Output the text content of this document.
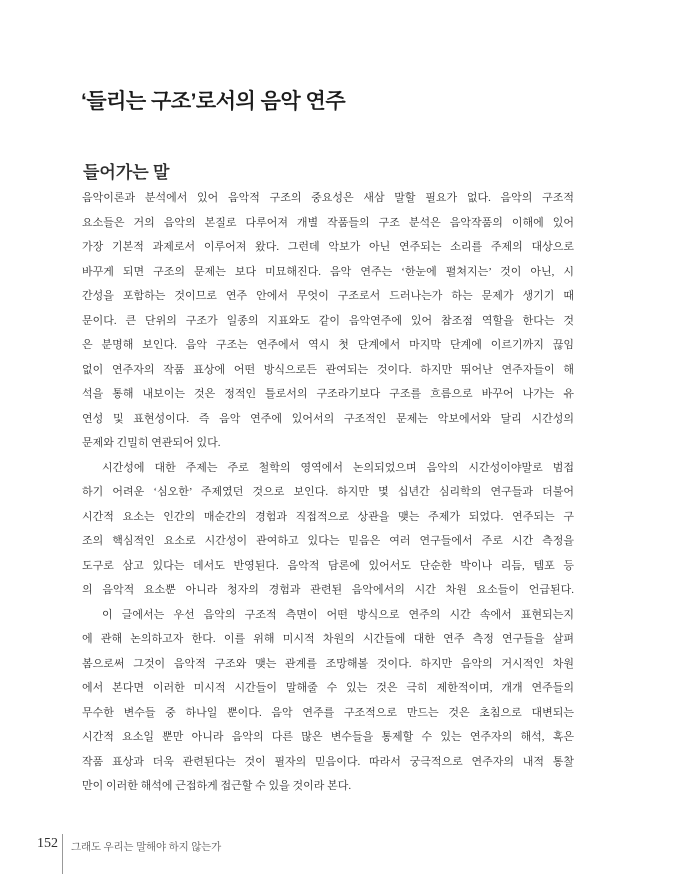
‘들리는 구조’로서의 음악 연주
들어가는 말
음악이론과 분석에서 있어 음악적 구조의 중요성은 새삼 말할 필요가 없다. 음악의 구조적
요소들은 거의 음악의 본질로 다루어져 개별 작품들의 구조 분석은 음악작품의 이해에 있어
가장 기본적 과제로서 이루어져 왔다. 그런데 악보가 아닌 연주되는 소리를 주제의 대상으로
바꾸게 되면 구조의 문제는 보다 미묘해진다. 음악 연주는 ‘한눈에 펼쳐지는’ 것이 아닌, 시
간성을 포함하는 것이므로 연주 안에서 무엇이 구조로서 드러나는가 하는 문제가 생기기 때
문이다. 큰 단위의 구조가 일종의 지표와도 같이 음악연주에 있어 참조점 역할을 한다는 것
은 분명해 보인다. 음악 구조는 연주에서 역시 첫 단계에서 마지막 단계에 이르기까지 끊임
없이 연주자의 작품 표상에 어떤 방식으로든 관여되는 것이다. 하지만 뛰어난 연주자들이 해
석을 통해 내보이는 것은 정적인 틀로서의 구조라기보다 구조를 흐름으로 바꾸어 나가는 유
연성 및 표현성이다. 즉 음악 연주에 있어서의 구조적인 문제는 악보에서와 달리 시간성의
문제와 긴밀히 연관되어 있다.
시간성에 대한 주제는 주로 철학의 영역에서 논의되었으며 음악의 시간성이야말로 범접
하기 어려운 ‘심오한’ 주제였던 것으로 보인다. 하지만 몇 십년간 심리학의 연구들과 더불어
시간적 요소는 인간의 매순간의 경험과 직접적으로 상관을 맺는 주제가 되었다. 연주되는 구
조의 핵심적인 요소로 시간성이 관여하고 있다는 믿음은 여러 연구들에서 주로 시간 측정을
도구로 삼고 있다는 데서도 반영된다. 음악적 담론에 있어서도 단순한 박이나 리듬, 템포 등
의 음악적 요소뿐 아니라 청자의 경험과 관련된 음악에서의 시간 차원 요소들이 언급된다.
이 글에서는 우선 음악의 구조적 측면이 어떤 방식으로 연주의 시간 속에서 표현되는지
에 관해 논의하고자 한다. 이를 위해 미시적 차원의 시간들에 대한 연주 측정 연구들을 살펴
봄으로써 그것이 음악적 구조와 맺는 관계를 조망해볼 것이다. 하지만 음악의 거시적인 차원
에서 본다면 이러한 미시적 시간들이 말해줄 수 있는 것은 극히 제한적이며, 개개 연주들의
무수한 변수들 중 하나일 뿐이다. 음악 연주를 구조적으로 만드는 것은 초침으로 대변되는
시간적 요소일 뿐만 아니라 음악의 다른 많은 변수들을 통제할 수 있는 연주자의 해석, 혹은
작품 표상과 더욱 관련된다는 것이 필자의 믿음이다. 따라서 궁극적으로 연주자의 내적 통찰
만이 이러한 해석에 근접하게 접근할 수 있을 것이라 본다.
152 그래도 우리는 말해야 하지 않는가
